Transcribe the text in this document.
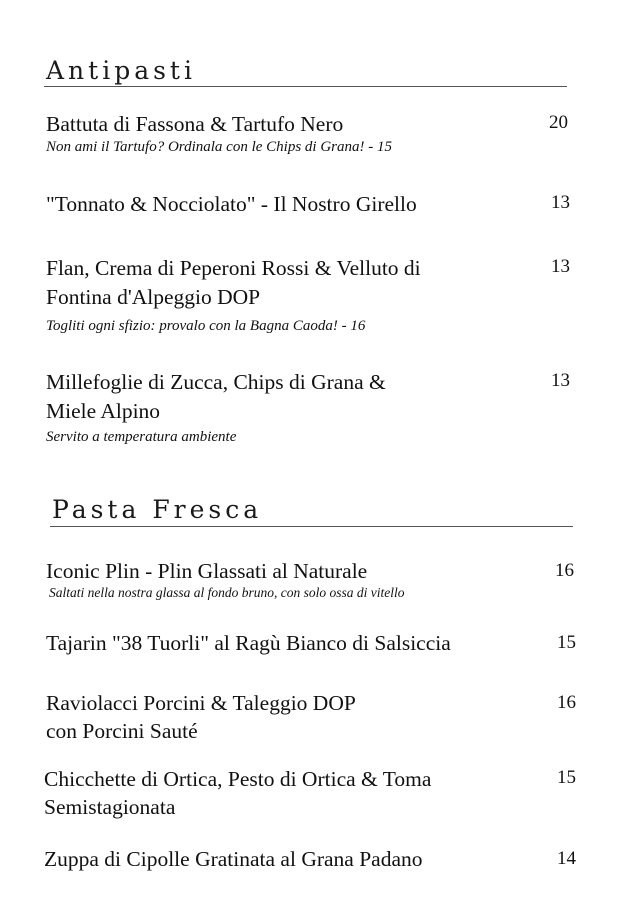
Antipasti
Battuta di Fassona & Tartufo Nero	20
Non ami il Tartufo? Ordinala con le Chips di Grana! - 15
"Tonnato & Nocciolato" - Il Nostro Girello	13
Flan, Crema di Peperoni Rossi & Velluto di
Fontina d'Alpeggio DOP
13
Togliti ogni sfizio: provalo con la Bagna Caoda! - 16
Millefoglie di Zucca, Chips di Grana &
Miele Alpino
13
Servito a temperatura ambiente
Pasta Fresca
Iconic Plin - Plin Glassati al Naturale	16
Saltati nella nostra glassa al fondo bruno, con solo ossa di vitello
Tajarin "38 Tuorli" al Ragù Bianco di Salsiccia	15
Raviolacci Porcini & Taleggio DOP
con Porcini Sauté
16
Chicchette di Ortica, Pesto di Ortica & Toma
Semistagionata
15
Zuppa di Cipolle Gratinata al Grana Padano	14
